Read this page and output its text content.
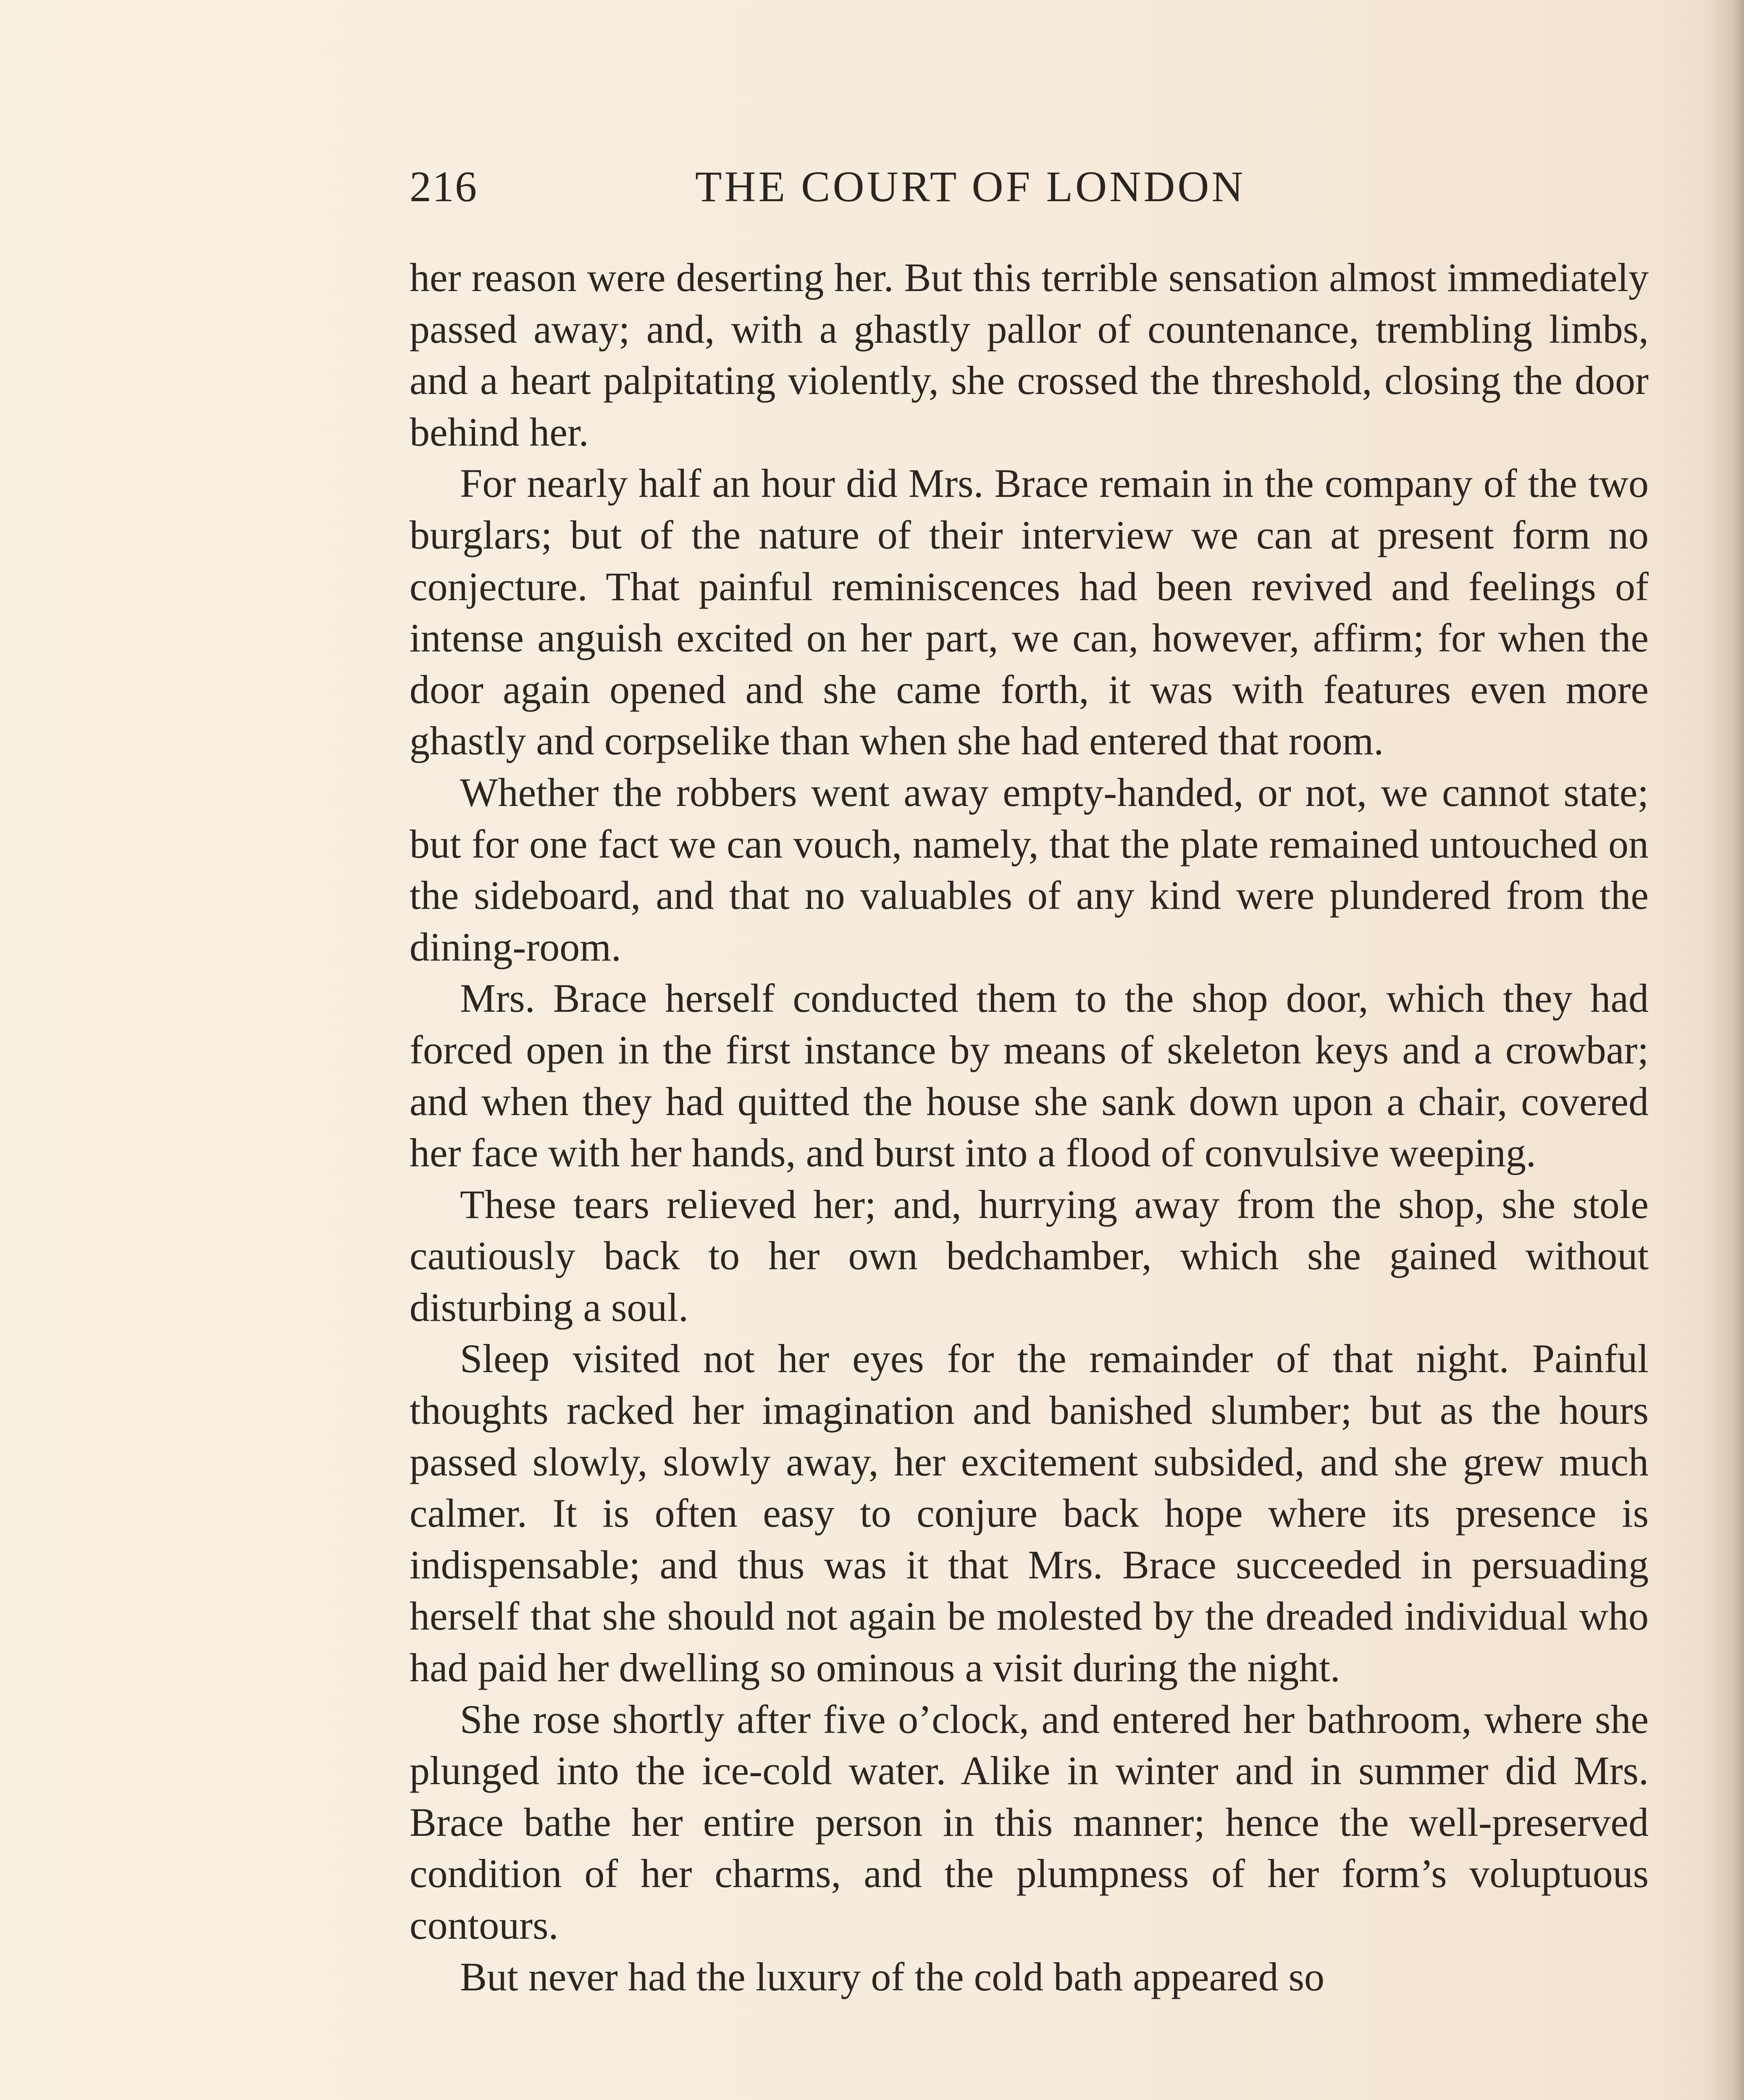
216	THE COURT OF LONDON

her reason were deserting her. But this terrible sensation almost immediately passed away; and, with a ghastly pallor of countenance, trembling limbs, and a heart palpitating violently, she crossed the threshold, closing the door behind her.

For nearly half an hour did Mrs. Brace remain in the company of the two burglars; but of the nature of their interview we can at present form no conjecture. That painful reminiscences had been revived and feelings of intense anguish excited on her part, we can, however, affirm; for when the door again opened and she came forth, it was with features even more ghastly and corpselike than when she had entered that room.

Whether the robbers went away empty-handed, or not, we cannot state; but for one fact we can vouch, namely, that the plate remained untouched on the sideboard, and that no valuables of any kind were plundered from the dining-room.

Mrs. Brace herself conducted them to the shop door, which they had forced open in the first instance by means of skeleton keys and a crowbar; and when they had quitted the house she sank down upon a chair, covered her face with her hands, and burst into a flood of convulsive weeping.

These tears relieved her; and, hurrying away from the shop, she stole cautiously back to her own bedchamber, which she gained without disturbing a soul.

Sleep visited not her eyes for the remainder of that night. Painful thoughts racked her imagination and banished slumber; but as the hours passed slowly, slowly away, her excitement subsided, and she grew much calmer. It is often easy to conjure back hope where its presence is indispensable; and thus was it that Mrs. Brace succeeded in persuading herself that she should not again be molested by the dreaded individual who had paid her dwelling so ominous a visit during the night.

She rose shortly after five o’clock, and entered her bathroom, where she plunged into the ice-cold water. Alike in winter and in summer did Mrs. Brace bathe her entire person in this manner; hence the well-preserved condition of her charms, and the plumpness of her form’s voluptuous contours.

But never had the luxury of the cold bath appeared so
